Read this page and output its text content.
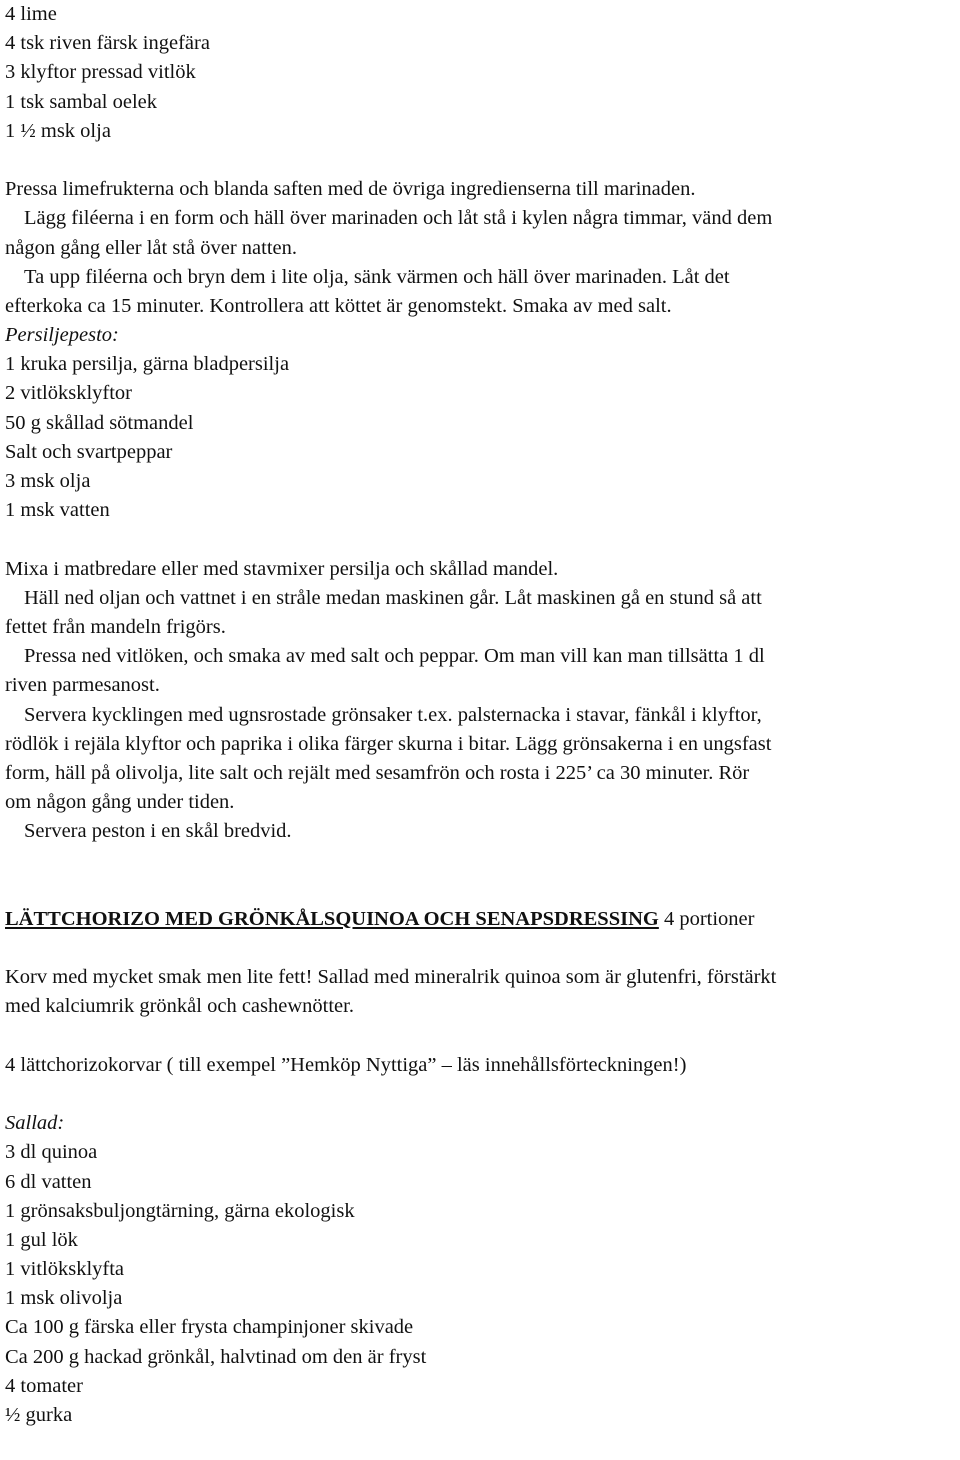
4 lime
4 tsk riven färsk ingefära
3 klyftor pressad vitlök
1 tsk sambal oelek
1 ½ msk olja
Pressa limefrukterna och blanda saften med de övriga ingredienserna till marinaden.
Lägg filéerna i en form och häll över marinaden och låt stå i kylen några timmar, vänd dem
någon gång eller låt stå över natten.
Ta upp filéerna och bryn dem i lite olja, sänk värmen och häll över marinaden. Låt det
efterkoka ca 15 minuter. Kontrollera att köttet är genomstekt. Smaka av med salt.
Persiljepesto:
1 kruka persilja, gärna bladpersilja
2 vitlöksklyftor
50 g skållad sötmandel
Salt och svartpeppar
3 msk olja
1 msk vatten
Mixa i matbredare eller med stavmixer persilja och skållad mandel.
Häll ned oljan och vattnet i en stråle medan maskinen går. Låt maskinen gå en stund så att
fettet från mandeln frigörs.
Pressa ned vitlöken, och smaka av med salt och peppar. Om man vill kan man tillsätta 1 dl
riven parmesanost.
Servera kycklingen med ugnsrostade grönsaker t.ex. palsternacka i stavar, fänkål i klyftor,
rödlök i rejäla klyftor och paprika i olika färger skurna i bitar. Lägg grönsakerna i en ungsfast
form, häll på olivolja, lite salt och rejält med sesamfrön och rosta i 225’ ca 30 minuter. Rör
om någon gång under tiden.
Servera peston i en skål bredvid.
LÄTTCHORIZO MED GRÖNKÅLSQUINOA OCH SENAPSDRESSING 4 portioner
Korv med mycket smak men lite fett! Sallad med mineralrik quinoa som är glutenfri, förstärkt
med kalciumrik grönkål och cashewnötter.
4 lättchorizokorvar ( till exempel ”Hemköp Nyttiga” – läs innehållsförteckningen!)
Sallad:
3 dl quinoa
6 dl vatten
1 grönsaksbuljongtärning, gärna ekologisk
1 gul lök
1 vitlöksklyfta
1 msk olivolja
Ca 100 g färska eller frysta champinjoner skivade
Ca 200 g hackad grönkål, halvtinad om den är fryst
4 tomater
½ gurka
